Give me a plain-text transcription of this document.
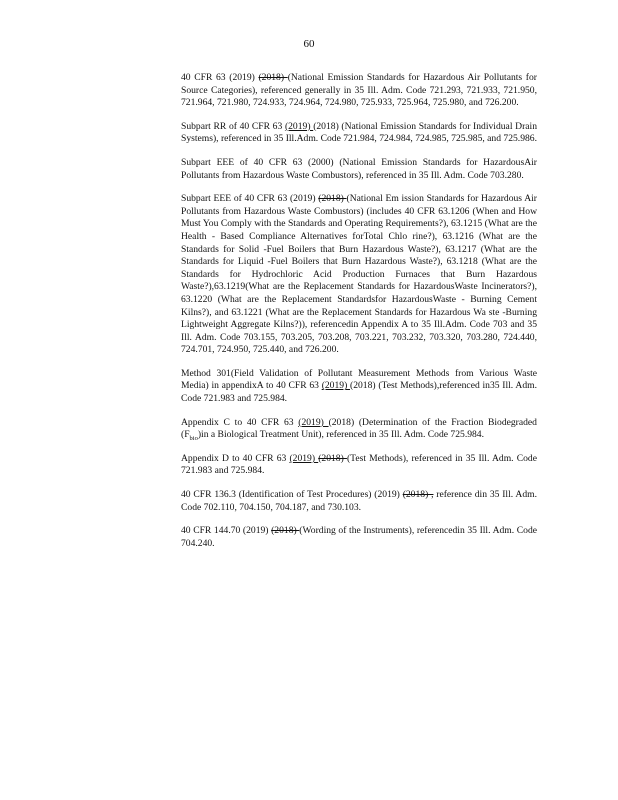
60

40 CFR 63 (2019) (2018) (National Emission Standards for Hazardous Air Pollutants for Source Categories), referenced generally in 35 Ill. Adm. Code 721.293, 721.933, 721.950, 721.964, 721.980, 724.933, 724.964, 724.980, 725.933, 725.964, 725.980, and 726.200.

Subpart RR of 40 CFR 63 (2019) (2018) (National Emission Standards for Individual Drain Systems), referenced in 35 Ill.Adm. Code 721.984, 724.984, 724.985, 725.985, and 725.986.

Subpart EEE of 40 CFR 63 (2000) (National Emission Standards for HazardousAir Pollutants from Hazardous Waste Combustors), referenced in 35 Ill. Adm. Code 703.280.

Subpart EEE of 40 CFR 63 (2019) (2018) (National Em ission Standards for Hazardous Air Pollutants from Hazardous Waste Combustors) (includes 40 CFR 63.1206 (When and How Must You Comply with the Standards and Operating Requirements?), 63.1215 (What are the Health - Based Compliance Alternatives forTotal Chlo rine?), 63.1216 (What are the Standards for Solid -Fuel Boilers that Burn Hazardous Waste?), 63.1217 (What are the Standards for Liquid -Fuel Boilers that Burn Hazardous Waste?), 63.1218 (What are the Standards for Hydrochloric Acid Production Furnaces that Burn Hazardous Waste?),63.1219(What are the Replacement Standards for HazardousWaste Incinerators?), 63.1220 (What are the Replacement Standardsfor HazardousWaste - Burning Cement Kilns?), and 63.1221 (What are the Replacement Standards for Hazardous Wa ste -Burning Lightweight Aggregate Kilns?)), referencedin Appendix A to 35 Ill.Adm. Code 703 and 35 Ill. Adm. Code 703.155, 703.205, 703.208, 703.221, 703.232, 703.320, 703.280, 724.440, 724.701, 724.950, 725.440, and 726.200.

Method 301(Field Validation of Pollutant Measurement Methods from Various Waste Media) in appendixA to 40 CFR 63 (2019) (2018) (Test Methods),referenced in35 Ill. Adm. Code 721.983 and 725.984.

Appendix C to 40 CFR 63 (2019) (2018) (Determination of the Fraction Biodegraded $(F_{bio})in$ a Biological Treatment Unit), referenced in 35 Ill. Adm. Code 725.984.

Appendix D to 40 CFR 63 (2019) (2018) (Test Methods), referenced in 35 Ill. Adm. Code 721.983 and 725.984.

40 CFR 136.3 (Identification of Test Procedures) (2019) (2018) , reference din 35 Ill. Adm. Code 702.110, 704.150, 704.187, and 730.103.

40 CFR 144.70 (2019) (2018) (Wording of the Instruments), referencedin 35 Ill. Adm. Code 704.240.
